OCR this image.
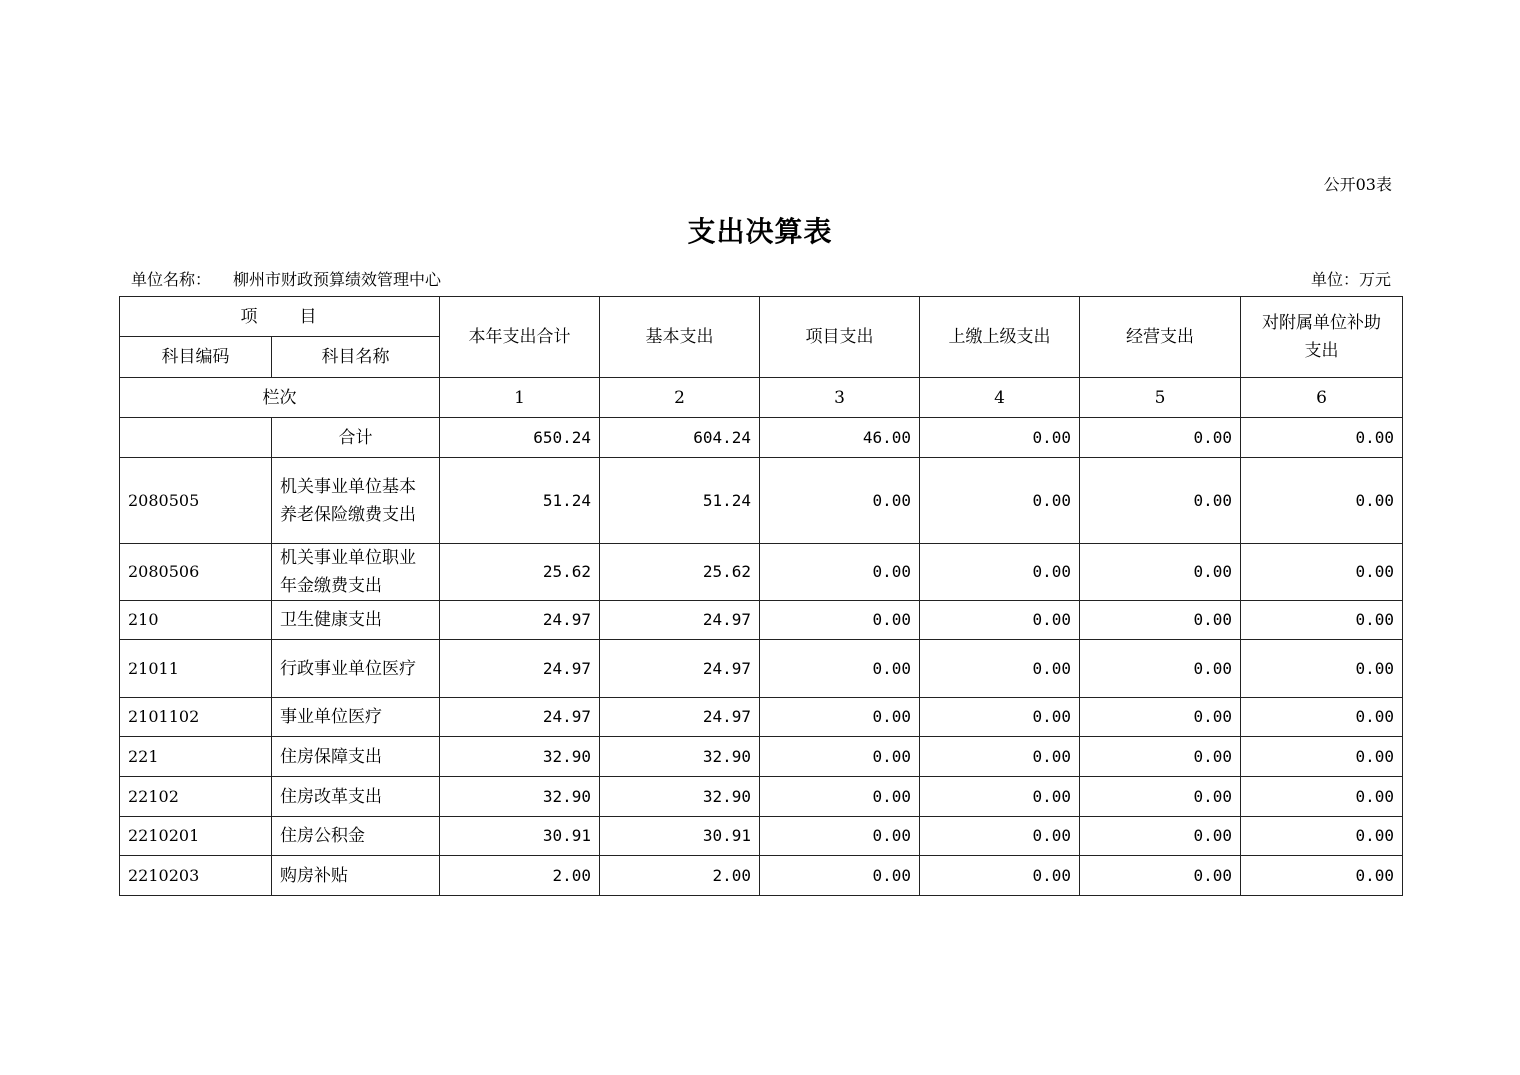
公开03表
支出决算表
单位名称： 柳州市财政预算绩效管理中心	单位：万元
项 目		本年支出合计	基本支出	项目支出	上缴上级支出	经营支出	对附属单位补助支出
科目编码	科目名称						
栏次		1	2	3	4	5	6
	合计	650.24	604.24	46.00	0.00	0.00	0.00
2080505	机关事业单位基本养老保险缴费支出	51.24	51.24	0.00	0.00	0.00	0.00
2080506	机关事业单位职业年金缴费支出	25.62	25.62	0.00	0.00	0.00	0.00
210	卫生健康支出	24.97	24.97	0.00	0.00	0.00	0.00
21011	行政事业单位医疗	24.97	24.97	0.00	0.00	0.00	0.00
2101102	事业单位医疗	24.97	24.97	0.00	0.00	0.00	0.00
221	住房保障支出	32.90	32.90	0.00	0.00	0.00	0.00
22102	住房改革支出	32.90	32.90	0.00	0.00	0.00	0.00
2210201	住房公积金	30.91	30.91	0.00	0.00	0.00	0.00
2210203	购房补贴	2.00	2.00	0.00	0.00	0.00	0.00
